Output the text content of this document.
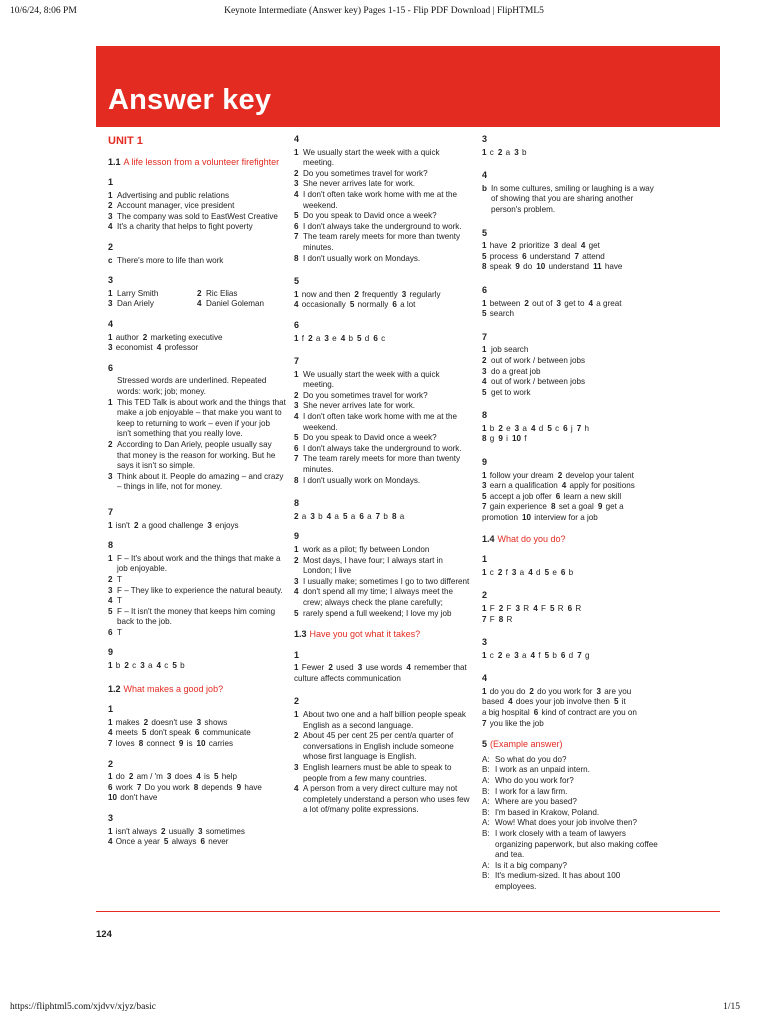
10/6/24, 8:06 PM	Keynote Intermediate (Answer key) Pages 1-15 - Flip PDF Download | FlipHTML5
Answer key
UNIT 1
1.1 A life lesson from a volunteer firefighter
1
1 Advertising and public relations
2 Account manager, vice president
3 The company was sold to EastWest Creative
4 It's a charity that helps to fight poverty
2
c There's more to life than work
3
1 Larry Smith
3 Dan Ariely
2 Ric Elias
4 Daniel Goleman
4
1 author  2 marketing executive
3 economist  4 professor
6
Stressed words are underlined. Repeated words: work; job; money.
1 This TED Talk is about work and the things that make a job enjoyable – that make you want to keep to returning to work – even if your job isn't something that you really love.
2 According to Dan Ariely, people usually say that money is the reason for working. But he says it isn't so simple.
3 Think about it. People do amazing – and crazy – things in life, not for money.
7
1 isn't  2 a good challenge  3 enjoys
8
1 F – It's about work and the things that make a job enjoyable.
2 T
3 F – They like to experience the natural beauty.
4 T
5 F – It isn't the money that keeps him coming back to the job.
6 T
9
1 b  2 c  3 a  4 c  5 b
1.2 What makes a good job?
1
1 makes  2 doesn't use  3 shows
4 meets  5 don't speak  6 communicate
7 loves  8 connect  9 is  10 carries
2
1 do  2 am / 'm  3 does  4 is  5 help
6 work  7 Do you work  8 depends  9 have
10 don't have
3
1 isn't always  2 usually  3 sometimes
4 Once a year  5 always  6 never
4
1 We usually start the week with a quick meeting.
2 Do you sometimes travel for work?
3 She never arrives late for work.
4 I don't often take work home with me at the weekend.
5 Do you speak to David once a week?
6 I don't always take the underground to work.
7 The team rarely meets for more than twenty minutes.
8 I don't usually work on Mondays.
5
1 now and then  2 frequently  3 regularly
4 occasionally  5 normally  6 a lot
6
1 f  2 a  3 e  4 b  5 d  6 c
7
1 We usually start the week with a quick meeting.
2 Do you sometimes travel for work?
3 She never arrives late for work.
4 I don't often take work home with me at the weekend.
5 Do you speak to David once a week?
6 I don't always take the underground to work.
7 The team rarely meets for more than twenty minutes.
8 I don't usually work on Mondays.
8
2 a  3 b  4 a  5 a  6 a  7 b  8 a
9
1 work as a pilot; fly between London
2 Most days, I have four; I always start in London; I live
3 I usually make; sometimes I go to two different
4 don't spend all my time; I always meet the crew; always check the plane carefully;
5 rarely spend a full weekend; I love my job
1.3 Have you got what it takes?
1
1 Fewer  2 used  3 use words  4 remember that culture affects communication
2
1 About two one and a half billion people speak English as a second language.
2 About 45 per cent 25 per cent/a quarter of conversations in English include someone whose first language is English.
3 English learners must be able to speak to people from a few many countries.
4 A person from a very direct culture may not completely understand a person who uses few a lot of/many polite expressions.
3
1 c  2 a  3 b
4
b In some cultures, smiling or laughing is a way of showing that you are sharing another person's problem.
5
1 have  2 prioritize  3 deal  4 get
5 process  6 understand  7 attend
8 speak  9 do  10 understand  11 have
6
1 between  2 out of  3 get to  4 a great
5 search
7
1 job search
2 out of work / between jobs
3 do a great job
4 out of work / between jobs
5 get to work
8
1 b  2 e  3 a  4 d  5 c  6 j  7 h
8 g  9 i  10 f
9
1 follow your dream  2 develop your talent
3 earn a qualification  4 apply for positions
5 accept a job offer  6 learn a new skill
7 gain experience  8 set a goal  9 get a
promotion  10 interview for a job
1.4 What do you do?
1
1 c  2 f  3 a  4 d  5 e  6 b
2
1 F  2 F  3 R  4 F  5 R  6 R
7 F  8 R
3
1 c  2 e  3 a  4 f  5 b  6 d  7 g
4
1 do you do  2 do you work for  3 are you
based  4 does your job involve then  5 it
a big hospital  6 kind of contract are you on
7 you like the job
5 (Example answer)
A: So what do you do?
B: I work as an unpaid intern.
A: Who do you work for?
B: I work for a law firm.
A: Where are you based?
B: I'm based in Krakow, Poland.
A: Wow! What does your job involve then?
B: I work closely with a team of lawyers organizing paperwork, but also making coffee and tea.
A: Is it a big company?
B: It's medium-sized. It has about 100 employees.
124
https://fliphtml5.com/xjdvv/xjyz/basic	1/15
